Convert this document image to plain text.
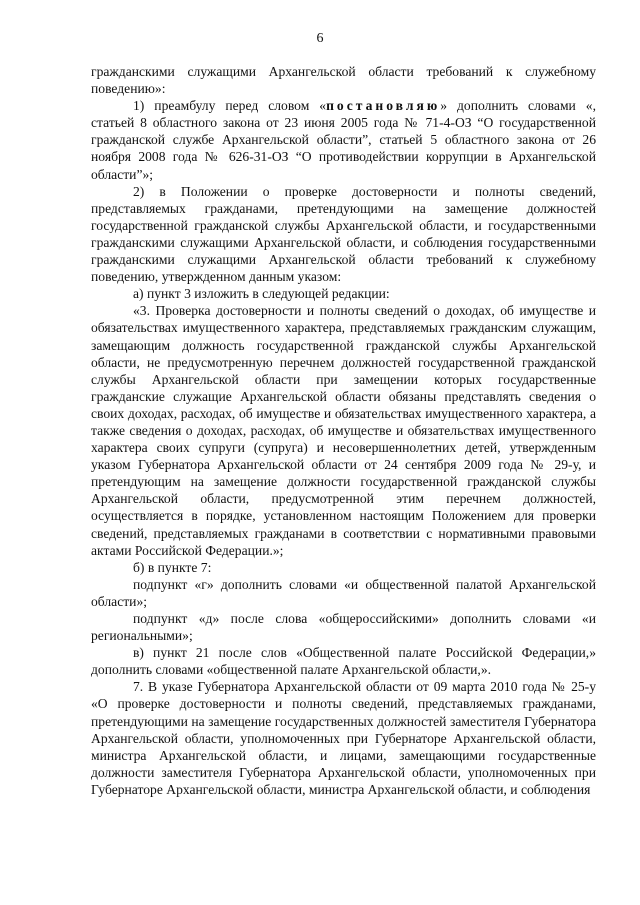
6

гражданскими служащими Архангельской области требований к служебному поведению»:

1) преамбулу перед словом «постановляю» дополнить словами «, статьей 8 областного закона от 23 июня 2005 года № 71-4-ОЗ “О государственной гражданской службе Архангельской области”, статьей 5 областного закона от 26 ноября 2008 года № 626-31-ОЗ “О противодействии коррупции в Архангельской области”»;

2) в Положении о проверке достоверности и полноты сведений, представляемых гражданами, претендующими на замещение должностей государственной гражданской службы Архангельской области, и государственными гражданскими служащими Архангельской области, и соблюдения государственными гражданскими служащими Архангельской области требований к служебному поведению, утвержденном данным указом:

а) пункт 3 изложить в следующей редакции:

«3. Проверка достоверности и полноты сведений о доходах, об имуществе и обязательствах имущественного характера, представляемых гражданским служащим, замещающим должность государственной гражданской службы Архангельской области, не предусмотренную перечнем должностей государственной гражданской службы Архангельской области при замещении которых государственные гражданские служащие Архангельской области обязаны представлять сведения о своих доходах, расходах, об имуществе и обязательствах имущественного характера, а также сведения о доходах, расходах, об имуществе и обязательствах имущественного характера своих супруги (супруга) и несовершеннолетних детей, утвержденным указом Губернатора Архангельской области от 24 сентября 2009 года № 29-у, и претендующим на замещение должности государственной гражданской службы Архангельской области, предусмотренной этим перечнем должностей, осуществляется в порядке, установленном настоящим Положением для проверки сведений, представляемых гражданами в соответствии с нормативными правовыми актами Российской Федерации.»;

б) в пункте 7:

подпункт «г» дополнить словами «и общественной палатой Архангельской области»;

подпункт «д» после слова «общероссийскими» дополнить словами «и региональными»;

в) пункт 21 после слов «Общественной палате Российской Федерации,» дополнить словами «общественной палате Архангельской области,».

7. В указе Губернатора Архангельской области от 09 марта 2010 года № 25-у «О проверке достоверности и полноты сведений, представляемых гражданами, претендующими на замещение государственных должностей заместителя Губернатора Архангельской области, уполномоченных при Губернаторе Архангельской области, министра Архангельской области, и лицами, замещающими государственные должности заместителя Губернатора Архангельской области, уполномоченных при Губернаторе Архангельской области, министра Архангельской области, и соблюдения
